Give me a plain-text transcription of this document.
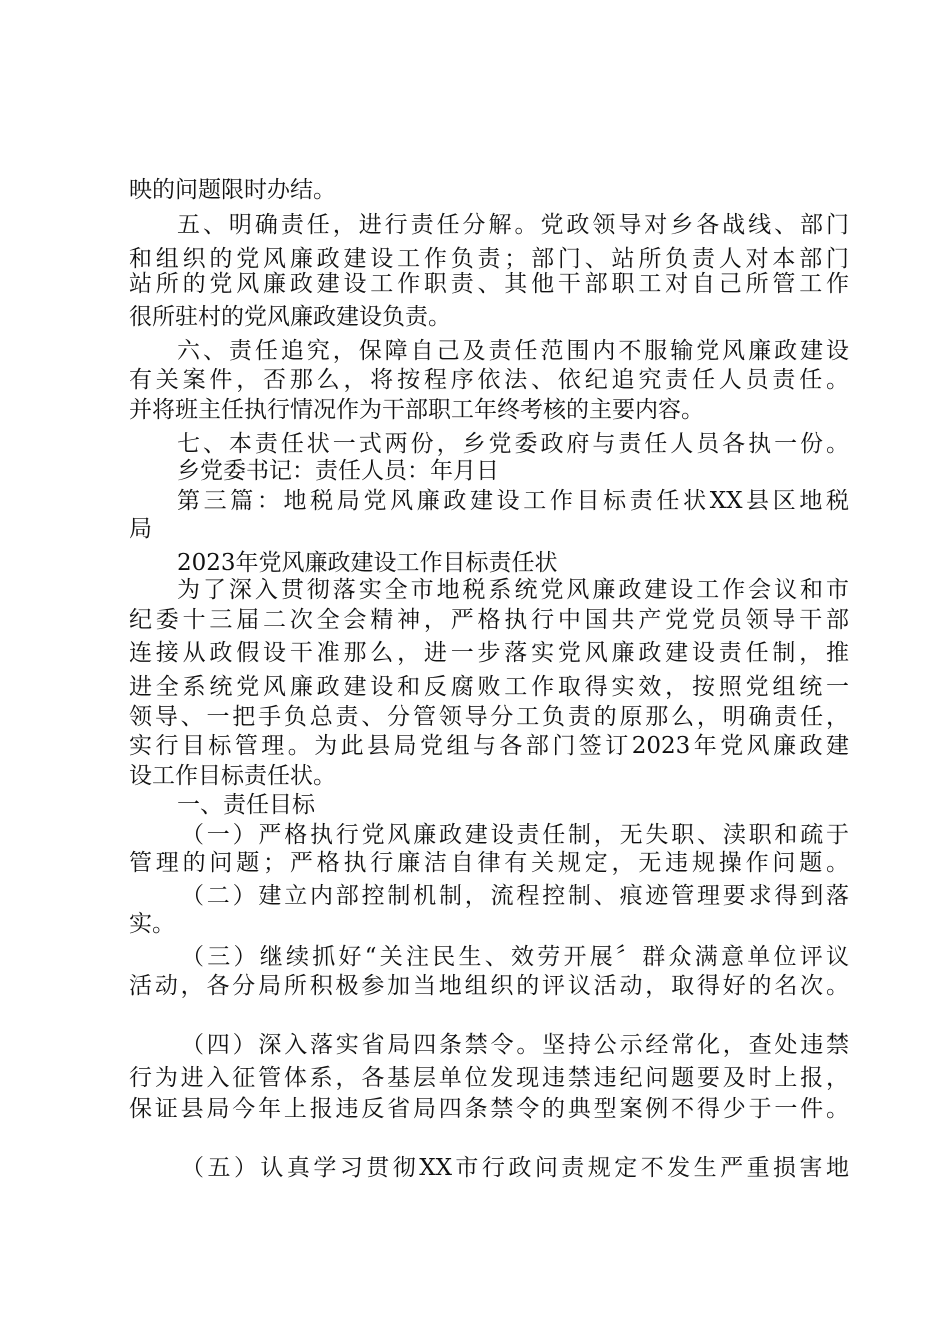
映的问题限时办结。
五、明确责任，进行责任分解。党政领导对乡各战线、部门
和组织的党风廉政建设工作负责；部门、站所负责人对本部门
站所的党风廉政建设工作职责、其他干部职工对自己所管工作
很所驻村的党风廉政建设负责。
六、责任追究，保障自己及责任范围内不服输党风廉政建设
有关案件，否那么，将按程序依法、依纪追究责任人员责任。
并将班主任执行情况作为干部职工年终考核的主要内容。
七、本责任状一式两份，乡党委政府与责任人员各执一份。
乡党委书记：责任人员：年月日
第三篇：地税局党风廉政建设工作目标责任状XX县区地税
局
2023年党风廉政建设工作目标责任状
为了深入贯彻落实全市地税系统党风廉政建设工作会议和市
纪委十三届二次全会精神，严格执行中国共产党党员领导干部
连接从政假设干准那么，进一步落实党风廉政建设责任制，推
进全系统党风廉政建设和反腐败工作取得实效，按照党组统一
领导、一把手负总责、分管领导分工负责的原那么，明确责任，
实行目标管理。为此县局党组与各部门签订2023年党风廉政建
设工作目标责任状。
一、责任目标
（一）严格执行党风廉政建设责任制，无失职、渎职和疏于
管理的问题；严格执行廉洁自律有关规定，无违规操作问题。
（二）建立内部控制机制，流程控制、痕迹管理要求得到落
实。
（三）继续抓好“关注民生、效劳开展〞群众满意单位评议
活动，各分局所积极参加当地组织的评议活动，取得好的名次。
（四）深入落实省局四条禁令。坚持公示经常化，查处违禁
行为进入征管体系，各基层单位发现违禁违纪问题要及时上报，
保证县局今年上报违反省局四条禁令的典型案例不得少于一件。
（五）认真学习贯彻XX市行政问责规定不发生严重损害地
